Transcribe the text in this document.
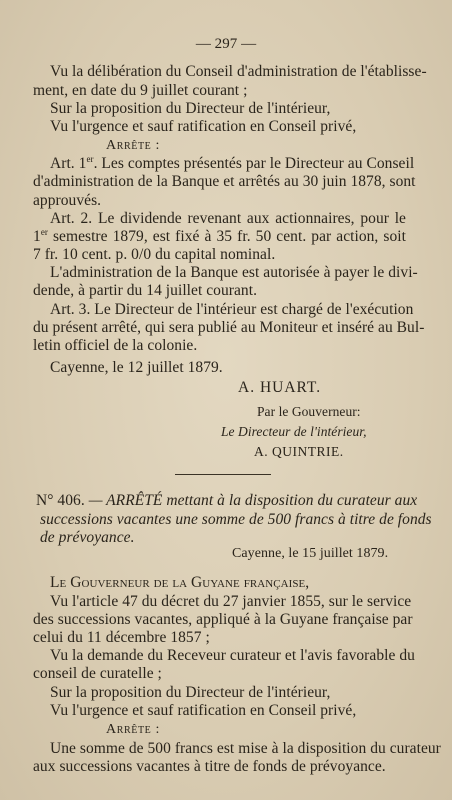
— 297 —
Vu la délibération du Conseil d'administration de l'établisse-
ment, en date du 9 juillet courant ;
Sur la proposition du Directeur de l'intérieur,
Vu l'urgence et sauf ratification en Conseil privé,
Arrête :
Art. 1er. Les comptes présentés par le Directeur au Conseil
d'administration de la Banque et arrêtés au 30 juin 1878, sont
approuvés.
Art. 2. Le dividende revenant aux actionnaires, pour le
1er semestre 1879, est fixé à 35 fr. 50 cent. par action, soit
7 fr. 10 cent. p. 0/0 du capital nominal.
L'administration de la Banque est autorisée à payer le divi-
dende, à partir du 14 juillet courant.
Art. 3. Le Directeur de l'intérieur est chargé de l'exécution
du présent arrêté, qui sera publié au Moniteur et inséré au Bul-
letin officiel de la colonie.
Cayenne, le 12 juillet 1879.
A. HUART.
Par le Gouverneur:
Le Directeur de l'intérieur,
A. QUINTRIE.
N° 406. — ARRÊTÉ mettant à la disposition du curateur aux
successions vacantes une somme de 500 francs à titre de fonds
de prévoyance.
Cayenne, le 15 juillet 1879.
Le Gouverneur de la Guyane française,
Vu l'article 47 du décret du 27 janvier 1855, sur le service
des successions vacantes, appliqué à la Guyane française par
celui du 11 décembre 1857 ;
Vu la demande du Receveur curateur et l'avis favorable du
conseil de curatelle ;
Sur la proposition du Directeur de l'intérieur,
Vu l'urgence et sauf ratification en Conseil privé,
Arrête :
Une somme de 500 francs est mise à la disposition du curateur
aux successions vacantes à titre de fonds de prévoyance.
